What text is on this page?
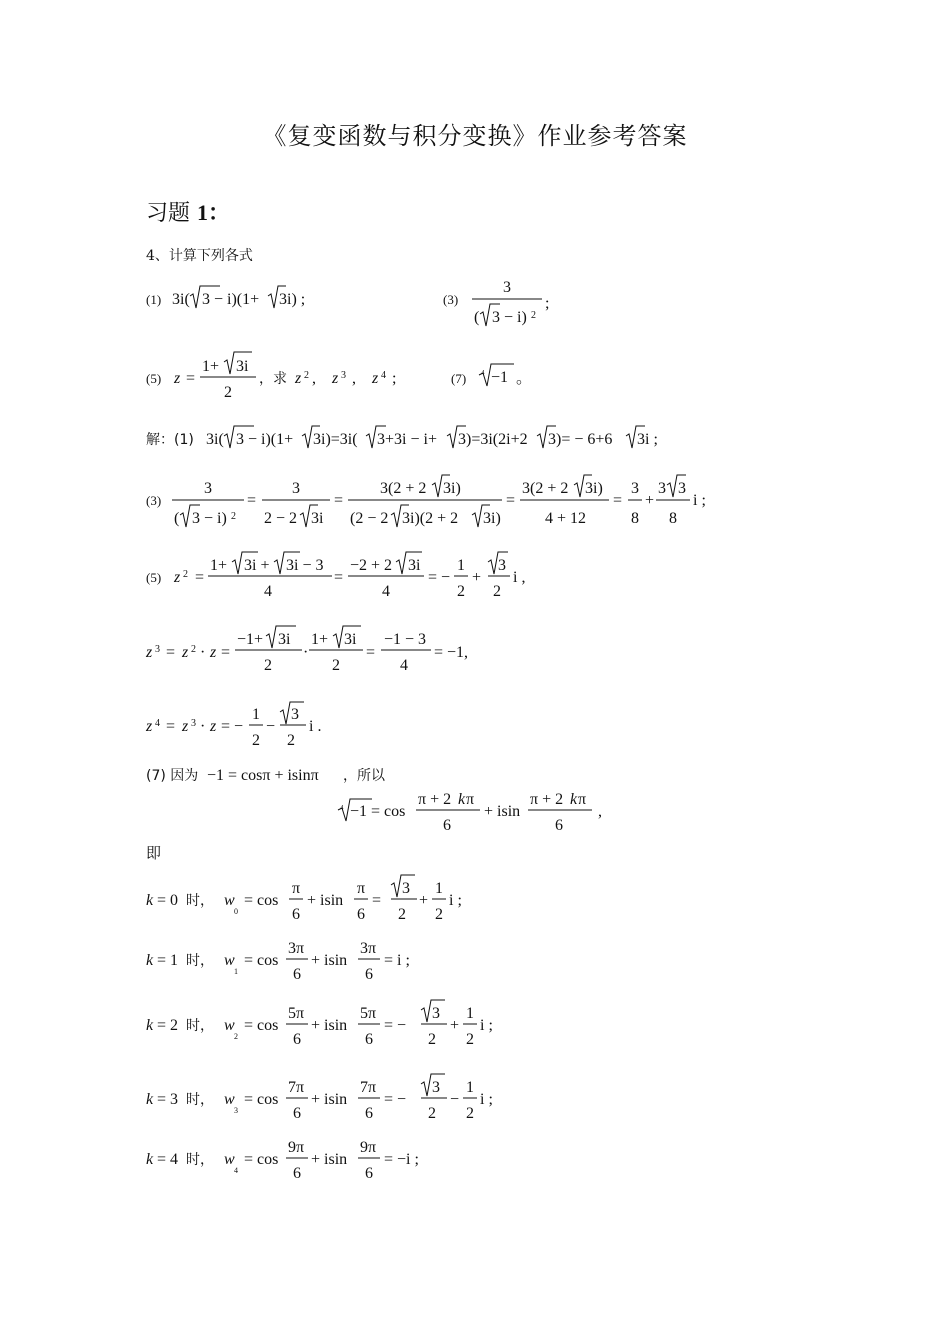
《复变函数与积分变换》作业参考答案
习题 1：
4、计算下列各式
即
(1) 3i( 3 − i)(1+ 3i) ;	(3)
3
( 3 − i) 2
;
(5) z =
1+ 3i
2
，求 z 2 , z 3 , z 4 ;	(7) 4 −1 。
解：(1) 3i( 3 − i)(1+ 3i)=3i( 3+3i − i+ 3)=3i(2i+2 3)= − 6+6 3i ;
(3)
3
( 3 − i) 2
=
3
2 − 2 3i
=
3(2 + 2 3i)
(2 − 2 3i)(2 + 2 3i)
=
3(2 + 2 3i)
4 + 12
=
3
8
+
3 3
8
i ;
(5) z 2 =
1+ 3i + 3i − 3
4
=
−2 + 2 3i
4
= −
1
2
+
3
2
i ,
z 3 = z 2 · z =
−1+ 3i
2
·
1+ 3i
2
=
−1 − 3
4
= −1,
z 4 = z 3 · z = −
1
2
−
3
2
i .
(7) 因为 −1 = cosπ + isinπ ，所以
4 −1 = cos
π + 2 k π
6
+ isin
π + 2 k π
6
,
k = 0 时， w
0
= cos
π
6
+ isin
π
6
=
3
2
+
1
2
i ;
k = 1 时， w
1
= cos
3π
6
+ isin
3π
6
= i ;
k = 2 时， w
2
= cos
5π
6
+ isin
5π
6
= −
3
2
+
1
2
i ;
k = 3 时， w
3
= cos
7π
6
+ isin
7π
6
= −
3
2
−
1
2
i ;
k = 4 时， w
4
= cos
9π
6
+ isin
9π
6
= −i ;
